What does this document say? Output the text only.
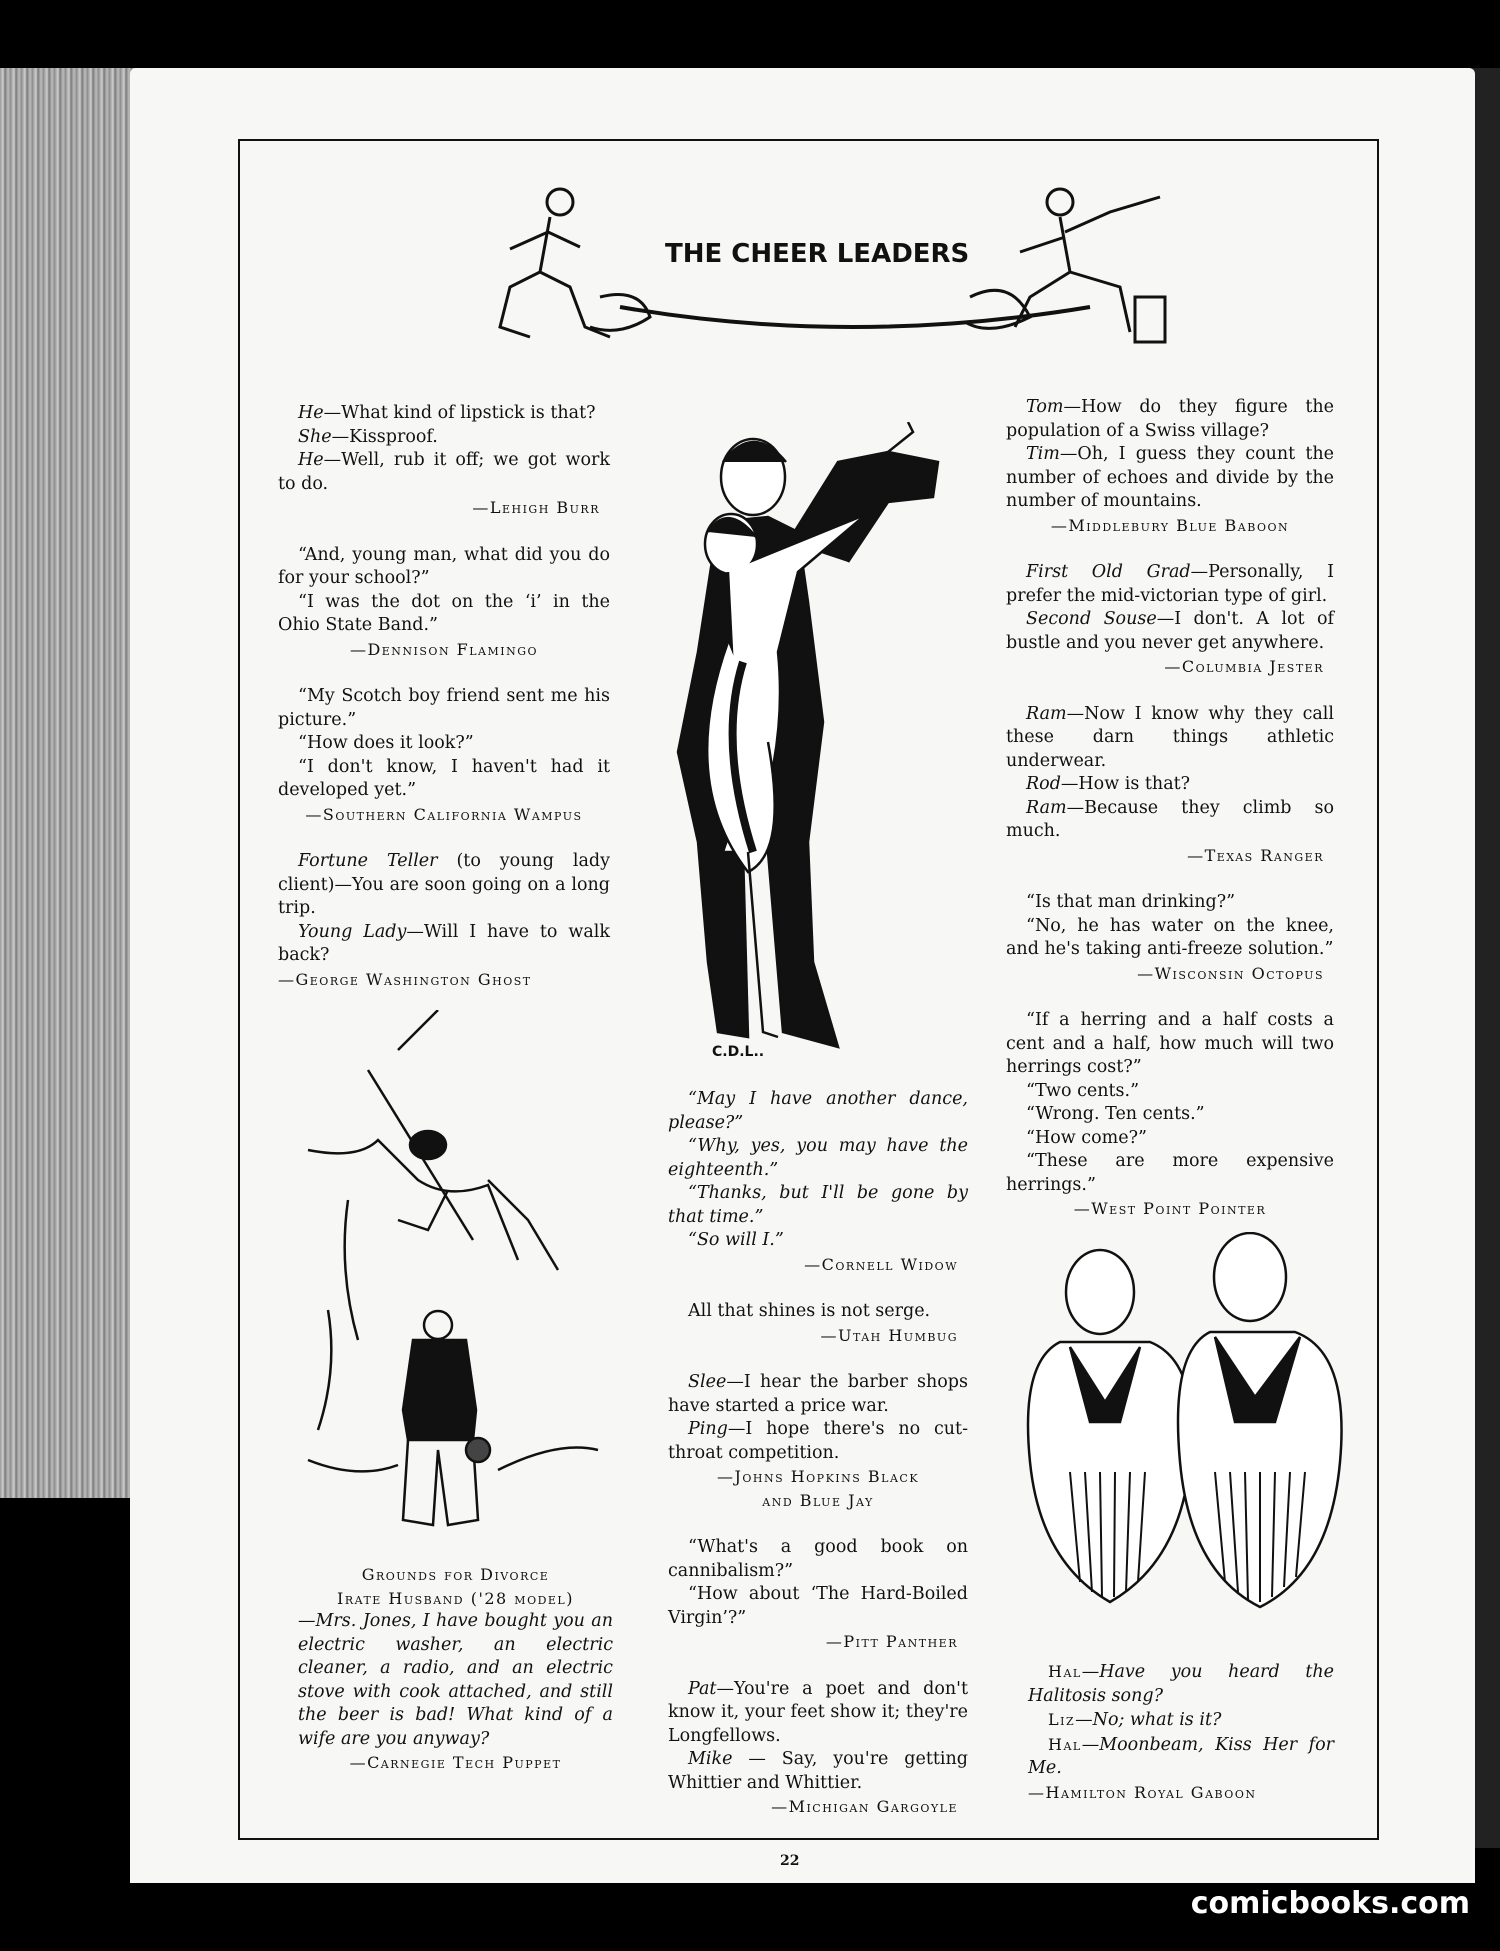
THE CHEER LEADERS

He—What kind of lipstick is that?

She—Kissproof.

He—Well, rub it off; we got work to do.

—Lehigh Burr

“And, young man, what did you do for your school?”

“I was the dot on the ‘i’ in the Ohio State Band.”

—Dennison Flamingo

“My Scotch boy friend sent me his picture.”

“How does it look?”

“I don't know, I haven't had it developed yet.”

—Southern California Wampus

Fortune Teller (to young lady client)—You are soon going on a long trip.

Young Lady—Will I have to walk back?

—George Washington Ghost

Grounds for Divorce

Irate Husband ('28 model)

—Mrs. Jones, I have bought you an electric washer, an electric cleaner, a radio, and an electric stove with cook attached, and still the beer is bad! What kind of a wife are you anyway?

—Carnegie Tech Puppet

C.D.L..

“May I have another dance, please?”

“Why, yes, you may have the eighteenth.”

“Thanks, but I'll be gone by that time.”

“So will I.”

—Cornell Widow

All that shines is not serge.

—Utah Humbug

Slee—I hear the barber shops have started a price war.

Ping—I hope there's no cut-throat competition.

—Johns Hopkins Black

and Blue Jay

“What's a good book on cannibalism?”

“How about ‘The Hard-Boiled Virgin’?”

—Pitt Panther

Pat—You're a poet and don't know it, your feet show it; they're Longfellows.

Mike — Say, you're getting Whittier and Whittier.

—Michigan Gargoyle

Tom—How do they figure the population of a Swiss village?

Tim—Oh, I guess they count the number of echoes and divide by the number of mountains.

—Middlebury Blue Baboon

First Old Grad—Personally, I prefer the mid-victorian type of girl.

Second Souse—I don't. A lot of bustle and you never get anywhere.

—Columbia Jester

Ram—Now I know why they call these darn things athletic underwear.

Rod—How is that?

Ram—Because they climb so much.

—Texas Ranger

“Is that man drinking?”

“No, he has water on the knee, and he's taking anti-freeze solution.”

—Wisconsin Octopus

“If a herring and a half costs a cent and a half, how much will two herrings cost?”

“Two cents.”

“Wrong. Ten cents.”

“How come?”

“These are more expensive herrings.”

—West Point Pointer

Hal—Have you heard the Halitosis song?

Liz—No; what is it?

Hal—Moonbeam, Kiss Her for Me.

—Hamilton Royal Gaboon

22
comicbooks.com
